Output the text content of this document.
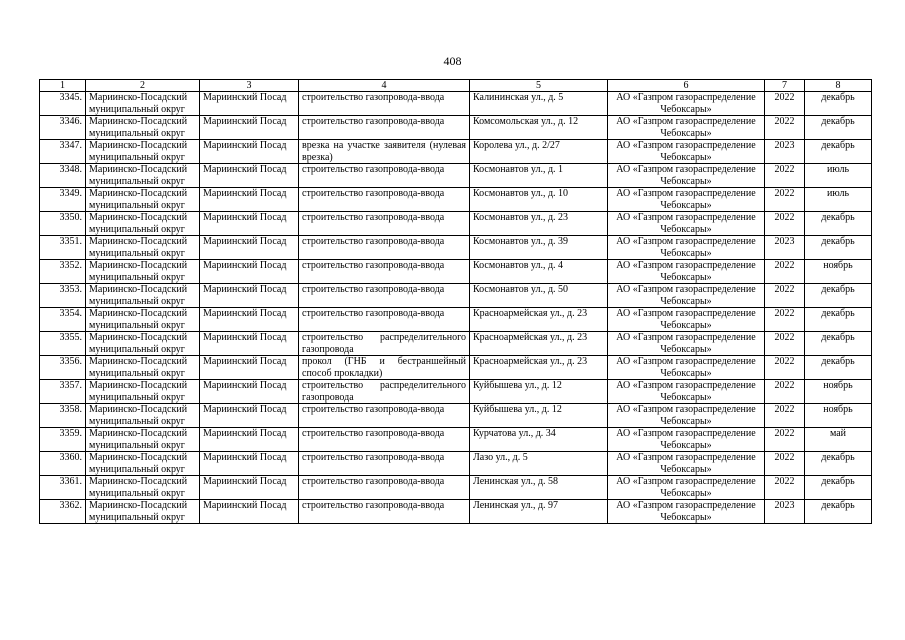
408
1	2	3	4	5	6	7	8
3345.	Мариинско-Посадский муниципальный округ	Мариинский Посад	строительство газопровода-ввода	Калининская ул., д. 5	АО «Газпром газораспределение Чебоксары»	2022	декабрь
3346.	Мариинско-Посадский муниципальный округ	Мариинский Посад	строительство газопровода-ввода	Комсомольская ул., д. 12	АО «Газпром газораспределение Чебоксары»	2022	декабрь
3347.	Мариинско-Посадский муниципальный округ	Мариинский Посад	врезка на участке заявителя (нулевая врезка)	Королева ул., д. 2/27	АО «Газпром газораспределение Чебоксары»	2023	декабрь
3348.	Мариинско-Посадский муниципальный округ	Мариинский Посад	строительство газопровода-ввода	Космонавтов ул., д. 1	АО «Газпром газораспределение Чебоксары»	2022	июль
3349.	Мариинско-Посадский муниципальный округ	Мариинский Посад	строительство газопровода-ввода	Космонавтов ул., д. 10	АО «Газпром газораспределение Чебоксары»	2022	июль
3350.	Мариинско-Посадский муниципальный округ	Мариинский Посад	строительство газопровода-ввода	Космонавтов ул., д. 23	АО «Газпром газораспределение Чебоксары»	2022	декабрь
3351.	Мариинско-Посадский муниципальный округ	Мариинский Посад	строительство газопровода-ввода	Космонавтов ул., д. 39	АО «Газпром газораспределение Чебоксары»	2023	декабрь
3352.	Мариинско-Посадский муниципальный округ	Мариинский Посад	строительство газопровода-ввода	Космонавтов ул., д. 4	АО «Газпром газораспределение Чебоксары»	2022	ноябрь
3353.	Мариинско-Посадский муниципальный округ	Мариинский Посад	строительство газопровода-ввода	Космонавтов ул., д. 50	АО «Газпром газораспределение Чебоксары»	2022	декабрь
3354.	Мариинско-Посадский муниципальный округ	Мариинский Посад	строительство газопровода-ввода	Красноармейская ул., д. 23	АО «Газпром газораспределение Чебоксары»	2022	декабрь
3355.	Мариинско-Посадский муниципальный округ	Мариинский Посад	строительство распределительного газопровода	Красноармейская ул., д. 23	АО «Газпром газораспределение Чебоксары»	2022	декабрь
3356.	Мариинско-Посадский муниципальный округ	Мариинский Посад	прокол (ГНБ и бестраншейный способ прокладки)	Красноармейская ул., д. 23	АО «Газпром газораспределение Чебоксары»	2022	декабрь
3357.	Мариинско-Посадский муниципальный округ	Мариинский Посад	строительство распределительного газопровода	Куйбышева ул., д. 12	АО «Газпром газораспределение Чебоксары»	2022	ноябрь
3358.	Мариинско-Посадский муниципальный округ	Мариинский Посад	строительство газопровода-ввода	Куйбышева ул., д. 12	АО «Газпром газораспределение Чебоксары»	2022	ноябрь
3359.	Мариинско-Посадский муниципальный округ	Мариинский Посад	строительство газопровода-ввода	Курчатова ул., д. 34	АО «Газпром газораспределение Чебоксары»	2022	май
3360.	Мариинско-Посадский муниципальный округ	Мариинский Посад	строительство газопровода-ввода	Лазо ул., д. 5	АО «Газпром газораспределение Чебоксары»	2022	декабрь
3361.	Мариинско-Посадский муниципальный округ	Мариинский Посад	строительство газопровода-ввода	Ленинская ул., д. 58	АО «Газпром газораспределение Чебоксары»	2022	декабрь
3362.	Мариинско-Посадский муниципальный округ	Мариинский Посад	строительство газопровода-ввода	Ленинская ул., д. 97	АО «Газпром газораспределение Чебоксары»	2023	декабрь
